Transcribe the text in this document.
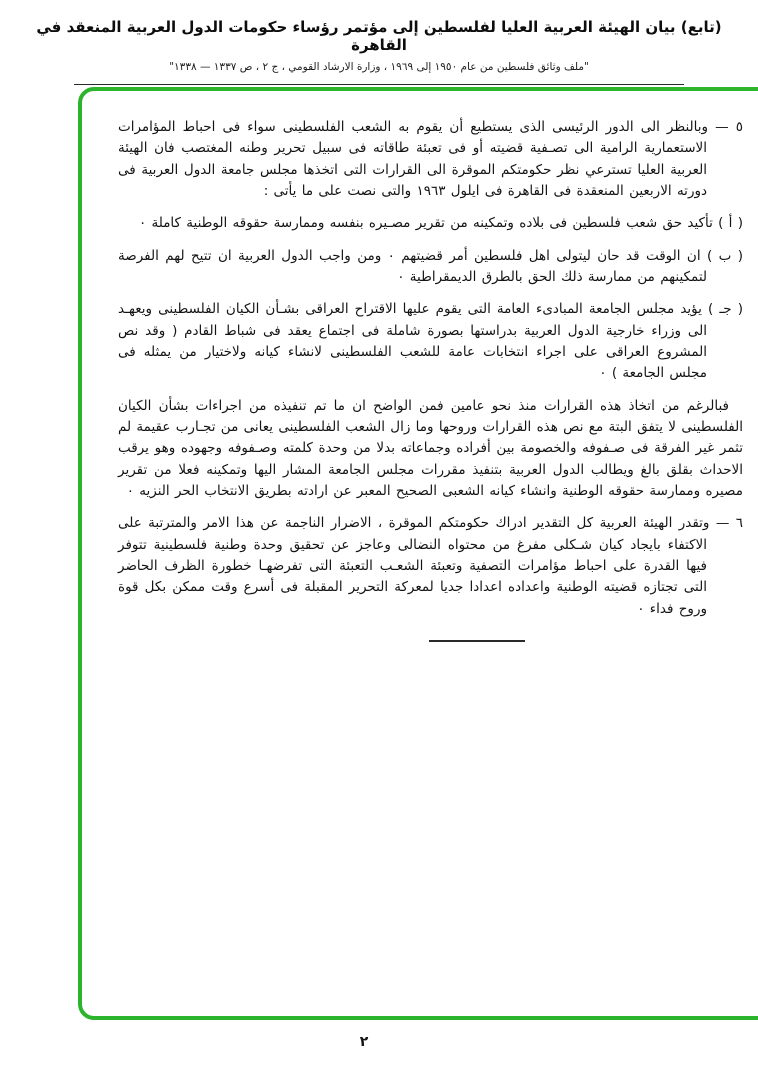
(تابع) بيان الهيئة العربية العليا لفلسطين إلى مؤتمر رؤساء حكومات الدول العربية المنعقد في القاهرة
"ملف وثائق فلسطين من عام ١٩٥٠ إلى ١٩٦٩ ، وزارة الارشاد القومي ، ج ٢ ، ص ١٣٣٧ — ١٣٣٨"

٥ — وبالنظر الى الدور الرئيسى الذى يستطيع أن يقوم به الشعب الفلسطينى سواء فى احباط المؤامرات الاستعمارية الرامية الى تصـفية قضيته أو فى تعبئة طاقاته فى سبيل تحرير وطنه المغتصب فان الهيئة العربية العليا تسترعي نظر حكومتكم الموقرة الى القرارات التى اتخذها مجلس جامعة الدول العربية فى دورته الاربعين المنعقدة فى القاهرة فى ايلول ١٩٦٣ والتى نصت على ما يأتى :

( أ ) تأكيد حق شعب فلسطين فى بلاده وتمكينه من تقرير مصـيره بنفسه وممارسة حقوقه الوطنية كاملة ٠

( ب ) ان الوقت قد حان ليتولى اهل فلسطين أمر قضيتهم ٠ ومن واجب الدول العربية ان تتيح لهم الفرصة لتمكينهم من ممارسة ذلك الحق بالطرق الديمقراطية ٠

( جـ ) يؤيد مجلس الجامعة المبادىء العامة التى يقوم عليها الاقتراح العراقى بشـأن الكيان الفلسطينى ويعهـد الى وزراء خارجية الدول العربية بدراستها بصورة شاملة فى اجتماع يعقد فى شباط القادم ( وقد نص المشروع العراقى على اجراء انتخابات عامة للشعب الفلسطينى لانشاء كيانه ولاختيار من يمثله فى مجلس الجامعة ) ٠

فبالرغم من اتخاذ هذه القرارات منذ نحو عامين فمن الواضح ان ما تم تنفيذه من اجراءات بشأن الكيان الفلسطينى لا يتفق البتة مع نص هذه القرارات وروحها وما زال الشعب الفلسطينى يعانى من تجـارب عقيمة لم تثمر غير الفرقة فى صـفوفه والخصومة بين أفراده وجماعاته بدلا من وحدة كلمته وصـفوفه وجهوده وهو يرقب الاحداث بقلق بالغ ويطالب الدول العربية بتنفيذ مقررات مجلس الجامعة المشار اليها وتمكينه فعلا من تقرير مصيره وممارسة حقوقه الوطنية وانشاء كيانه الشعبى الصحيح المعبر عن ارادته بطريق الانتخاب الحر النزيه ٠

٦ — وتقدر الهيئة العربية كل التقدير ادراك حكومتكم الموقرة ، الاضرار الناجمة عن هذا الامر والمترتبة على الاكتفاء بايجاد كيان شـكلى مفرغ من محتواه النضالى وعاجز عن تحقيق وحدة وطنية فلسطينية تتوفر فيها القدرة على احباط مؤامرات التصفية وتعبئة الشعـب التعبئة التى تفرضهـا خطورة الظرف الحاضر التى تجتازه قضيته الوطنية واعداده اعدادا جديا لمعركة التحرير المقبلة فى أسرع وقت ممكن بكل قوة وروح فداء ٠

٢
